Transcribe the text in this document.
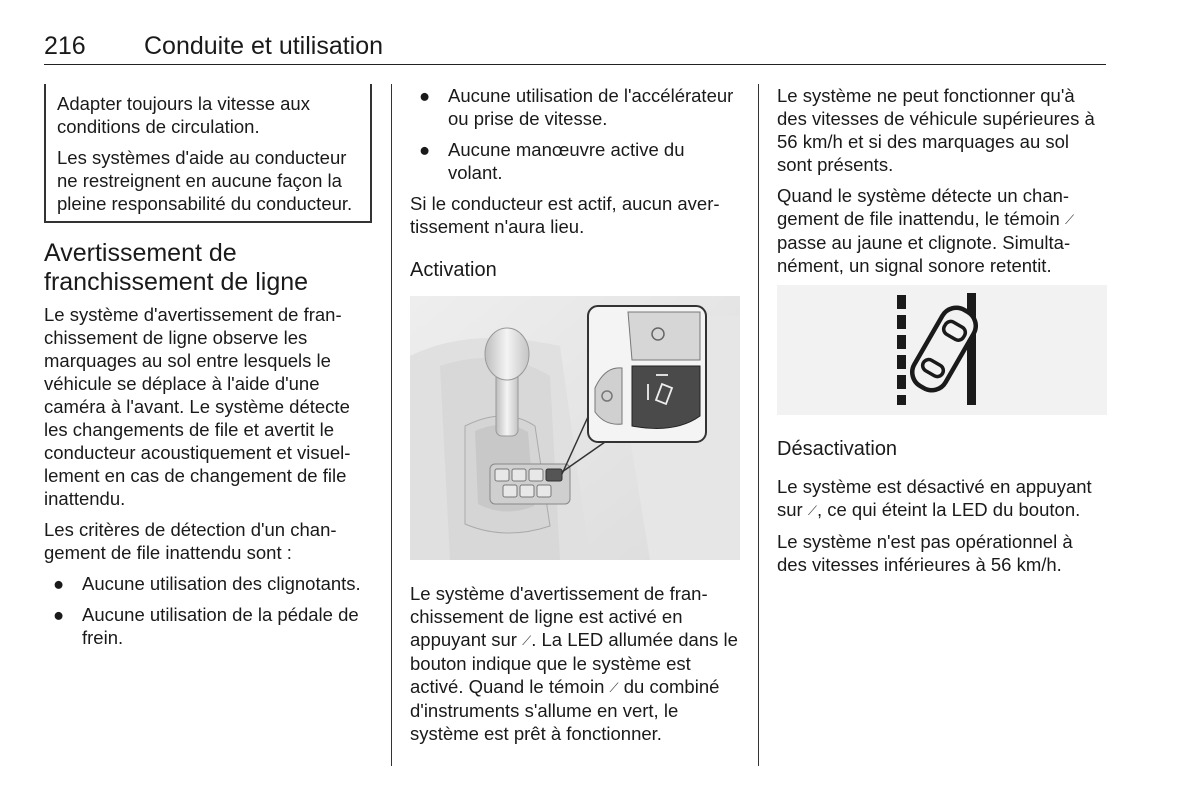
216 Conduite et utilisation

Adapter toujours la vitesse aux conditions de circulation.

Les systèmes d'aide au conducteur ne restreignent en aucune façon la pleine responsabilité du conducteur.

Avertissement de franchissement de ligne

Le système d'avertissement de franchissement de ligne observe les marquages au sol entre lesquels le véhicule se déplace à l'aide d'une caméra à l'avant. Le système détecte les changements de file et avertit le conducteur acoustiquement et visuellement en cas de changement de file inattendu.

Les critères de détection d'un changement de file inattendu sont :

● Aucune utilisation des clignotants.
● Aucune utilisation de la pédale de frein.
● Aucune utilisation de l'accélérateur ou prise de vitesse.
● Aucune manœuvre active du volant.

Si le conducteur est actif, aucun avertissement n'aura lieu.

Activation

Le système d'avertissement de franchissement de ligne est activé en appuyant sur ⟋. La LED allumée dans le bouton indique que le système est activé. Quand le témoin ⟋ du combiné d'instruments s'allume en vert, le système est prêt à fonctionner.

Le système ne peut fonctionner qu'à des vitesses de véhicule supérieures à 56 km/h et si des marquages au sol sont présents.

Quand le système détecte un changement de file inattendu, le témoin ⟋ passe au jaune et clignote. Simultanément, un signal sonore retentit.

Désactivation

Le système est désactivé en appuyant sur ⟋, ce qui éteint la LED du bouton.

Le système n'est pas opérationnel à des vitesses inférieures à 56 km/h.
